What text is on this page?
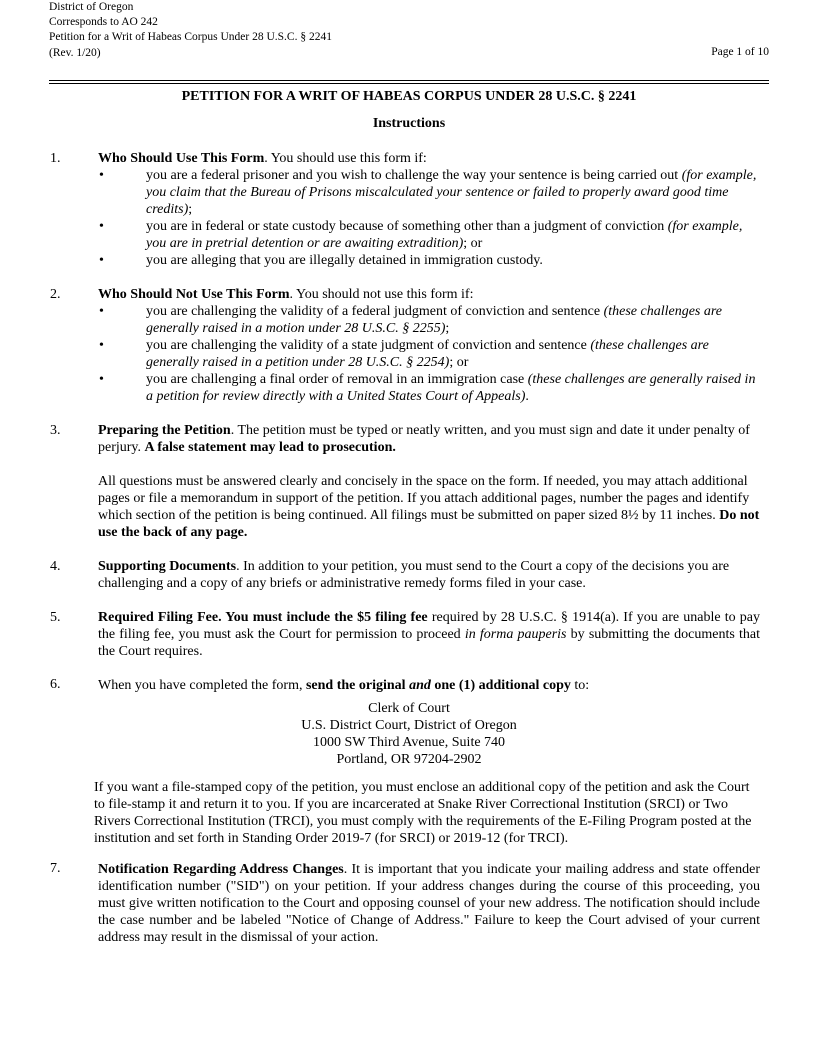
District of Oregon
Corresponds to AO 242
Petition for a Writ of Habeas Corpus Under 28 U.S.C. § 2241
(Rev. 1/20)	Page 1 of 10
PETITION FOR A WRIT OF HABEAS CORPUS UNDER 28 U.S.C. § 2241
Instructions
1.	Who Should Use This Form. You should use this form if:
•	you are a federal prisoner and you wish to challenge the way your sentence is being carried out (for example, you claim that the Bureau of Prisons miscalculated your sentence or failed to properly award good time credits);
•	you are in federal or state custody because of something other than a judgment of conviction (for example, you are in pretrial detention or are awaiting extradition); or
•	you are alleging that you are illegally detained in immigration custody.
2.	Who Should Not Use This Form. You should not use this form if:
•	you are challenging the validity of a federal judgment of conviction and sentence (these challenges are generally raised in a motion under 28 U.S.C. § 2255);
•	you are challenging the validity of a state judgment of conviction and sentence (these challenges are generally raised in a petition under 28 U.S.C. § 2254); or
•	you are challenging a final order of removal in an immigration case (these challenges are generally raised in a petition for review directly with a United States Court of Appeals).
3.	Preparing the Petition. The petition must be typed or neatly written, and you must sign and date it under penalty of perjury. A false statement may lead to prosecution.
All questions must be answered clearly and concisely in the space on the form. If needed, you may attach additional pages or file a memorandum in support of the petition. If you attach additional pages, number the pages and identify which section of the petition is being continued. All filings must be submitted on paper sized 8½ by 11 inches. Do not use the back of any page.
4.	Supporting Documents. In addition to your petition, you must send to the Court a copy of the decisions you are challenging and a copy of any briefs or administrative remedy forms filed in your case.
5.	Required Filing Fee. You must include the $5 filing fee required by 28 U.S.C. § 1914(a). If you are unable to pay the filing fee, you must ask the Court for permission to proceed in forma pauperis by submitting the documents that the Court requires.
6.	When you have completed the form, send the original and one (1) additional copy to:
Clerk of Court
U.S. District Court, District of Oregon
1000 SW Third Avenue, Suite 740
Portland, OR 97204-2902
If you want a file-stamped copy of the petition, you must enclose an additional copy of the petition and ask the Court to file-stamp it and return it to you. If you are incarcerated at Snake River Correctional Institution (SRCI) or Two Rivers Correctional Institution (TRCI), you must comply with the requirements of the E-Filing Program posted at the institution and set forth in Standing Order 2019-7 (for SRCI) or 2019-12 (for TRCI).
7.	Notification Regarding Address Changes. It is important that you indicate your mailing address and state offender identification number ("SID") on your petition. If your address changes during the course of this proceeding, you must give written notification to the Court and opposing counsel of your new address. The notification should include the case number and be labeled "Notice of Change of Address." Failure to keep the Court advised of your current address may result in the dismissal of your action.
